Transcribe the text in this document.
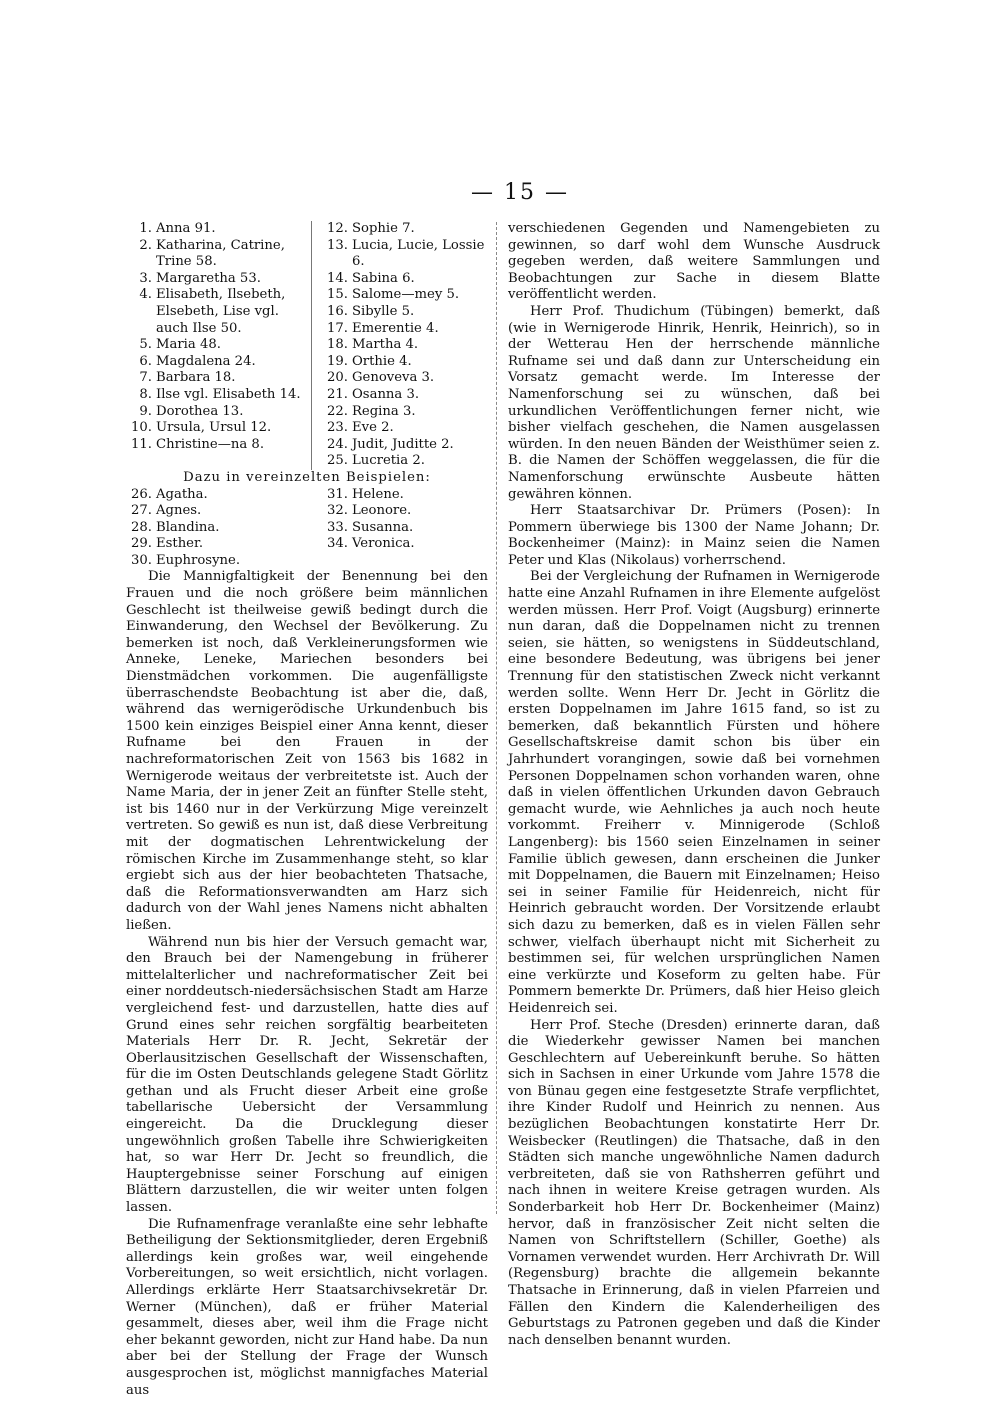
— 15 —
1. Anna 91.
2. Katharina, Catrine, Trine 58.
3. Margaretha 53.
4. Elisabeth, Ilsebeth, Elsebeth, Lise vgl. auch Ilse 50.
5. Maria 48.
6. Magdalena 24.
7. Barbara 18.
8. Ilse vgl. Elisabeth 14.
9. Dorothea 13.
10. Ursula, Ursul 12.
11. Christine—na 8.
12. Sophie 7.
13. Lucia, Lucie, Lossie 6.
14. Sabina 6.
15. Salome—mey 5.
16. Sibylle 5.
17. Emerentie 4.
18. Martha 4.
19. Orthie 4.
20. Genoveva 3.
21. Osanna 3.
22. Regina 3.
23. Eve 2.
24. Judit, Juditte 2.
25. Lucretia 2.
Dazu in vereinzelten Beispielen:
26. Agatha.
27. Agnes.
28. Blandina.
29. Esther.
30. Euphrosyne.
31. Helene.
32. Leonore.
33. Susanna.
34. Veronica.

Die Mannigfaltigkeit der Benennung bei den Frauen und die noch größere beim männlichen Geschlecht ist theilweise gewiß bedingt durch die Einwanderung, den Wechsel der Bevölkerung. Zu bemerken ist noch, daß Verkleinerungsformen wie Anneke, Leneke, Mariechen besonders bei Dienstmädchen vorkommen. Die augenfälligste überraschendste Beobachtung ist aber die, daß, während das wernigerödische Urkundenbuch bis 1500 kein einziges Beispiel einer Anna kennt, dieser Rufname bei den Frauen in der nachreformatorischen Zeit von 1563 bis 1682 in Wernigerode weitaus der verbreitetste ist. Auch der Name Maria, der in jener Zeit an fünfter Stelle steht, ist bis 1460 nur in der Verkürzung Mige vereinzelt vertreten. So gewiß es nun ist, daß diese Verbreitung mit der dogmatischen Lehrentwickelung der römischen Kirche im Zusammenhange steht, so klar ergiebt sich aus der hier beobachteten Thatsache, daß die Reformationsverwandten am Harz sich dadurch von der Wahl jenes Namens nicht abhalten ließen.

Während nun bis hier der Versuch gemacht war, den Brauch bei der Namengebung in früherer mittelalterlicher und nachreformatischer Zeit bei einer norddeutsch-niedersächsischen Stadt am Harze vergleichend fest- und darzustellen, hatte dies auf Grund eines sehr reichen sorgfältig bearbeiteten Materials Herr Dr. R. Jecht, Sekretär der Oberlausitzischen Gesellschaft der Wissenschaften, für die im Osten Deutschlands gelegene Stadt Görlitz gethan und als Frucht dieser Arbeit eine große tabellarische Uebersicht der Versammlung eingereicht. Da die Drucklegung dieser ungewöhnlich großen Tabelle ihre Schwierigkeiten hat, so war Herr Dr. Jecht so freundlich, die Hauptergebnisse seiner Forschung auf einigen Blättern darzustellen, die wir weiter unten folgen lassen.

Die Rufnamenfrage veranlaßte eine sehr lebhafte Betheiligung der Sektionsmitglieder, deren Ergebniß allerdings kein großes war, weil eingehende Vorbereitungen, so weit ersichtlich, nicht vorlagen. Allerdings erklärte Herr Staatsarchivsekretär Dr. Werner (München), daß er früher Material gesammelt, dieses aber, weil ihm die Frage nicht eher bekannt geworden, nicht zur Hand habe. Da nun aber bei der Stellung der Frage der Wunsch ausgesprochen ist, möglichst mannigfaches Material aus

verschiedenen Gegenden und Namengebieten zu gewinnen, so darf wohl dem Wunsche Ausdruck gegeben werden, daß weitere Sammlungen und Beobachtungen zur Sache in diesem Blatte veröffentlicht werden.

Herr Prof. Thudichum (Tübingen) bemerkt, daß (wie in Wernigerode Hinrik, Henrik, Heinrich), so in der Wetterau Hen der herrschende männliche Rufname sei und daß dann zur Unterscheidung ein Vorsatz gemacht werde. Im Interesse der Namenforschung sei zu wünschen, daß bei urkundlichen Veröffentlichungen ferner nicht, wie bisher vielfach geschehen, die Namen ausgelassen würden. In den neuen Bänden der Weisthümer seien z. B. die Namen der Schöffen weggelassen, die für die Namenforschung erwünschte Ausbeute hätten gewähren können.

Herr Staatsarchivar Dr. Prümers (Posen): In Pommern überwiege bis 1300 der Name Johann; Dr. Bockenheimer (Mainz): in Mainz seien die Namen Peter und Klas (Nikolaus) vorherrschend.

Bei der Vergleichung der Rufnamen in Wernigerode hatte eine Anzahl Rufnamen in ihre Elemente aufgelöst werden müssen. Herr Prof. Voigt (Augsburg) erinnerte nun daran, daß die Doppelnamen nicht zu trennen seien, sie hätten, so wenigstens in Süddeutschland, eine besondere Bedeutung, was übrigens bei jener Trennung für den statistischen Zweck nicht verkannt werden sollte. Wenn Herr Dr. Jecht in Görlitz die ersten Doppelnamen im Jahre 1615 fand, so ist zu bemerken, daß bekanntlich Fürsten und höhere Gesellschaftskreise damit schon bis über ein Jahrhundert vorangingen, sowie daß bei vornehmen Personen Doppelnamen schon vorhanden waren, ohne daß in vielen öffentlichen Urkunden davon Gebrauch gemacht wurde, wie Aehnliches ja auch noch heute vorkommt. Freiherr v. Minnigerode (Schloß Langenberg): bis 1560 seien Einzelnamen in seiner Familie üblich gewesen, dann erscheinen die Junker mit Doppelnamen, die Bauern mit Einzelnamen; Heiso sei in seiner Familie für Heidenreich, nicht für Heinrich gebraucht worden. Der Vorsitzende erlaubt sich dazu zu bemerken, daß es in vielen Fällen sehr schwer, vielfach überhaupt nicht mit Sicherheit zu bestimmen sei, für welchen ursprünglichen Namen eine verkürzte und Koseform zu gelten habe. Für Pommern bemerkte Dr. Prümers, daß hier Heiso gleich Heidenreich sei.

Herr Prof. Steche (Dresden) erinnerte daran, daß die Wiederkehr gewisser Namen bei manchen Geschlechtern auf Uebereinkunft beruhe. So hätten sich in Sachsen in einer Urkunde vom Jahre 1578 die von Bünau gegen eine festgesetzte Strafe verpflichtet, ihre Kinder Rudolf und Heinrich zu nennen. Aus bezüglichen Beobachtungen konstatirte Herr Dr. Weisbecker (Reutlingen) die Thatsache, daß in den Städten sich manche ungewöhnliche Namen dadurch verbreiteten, daß sie von Rathsherren geführt und nach ihnen in weitere Kreise getragen wurden. Als Sonderbarkeit hob Herr Dr. Bockenheimer (Mainz) hervor, daß in französischer Zeit nicht selten die Namen von Schriftstellern (Schiller, Goethe) als Vornamen verwendet wurden. Herr Archivrath Dr. Will (Regensburg) brachte die allgemein bekannte Thatsache in Erinnerung, daß in vielen Pfarreien und Fällen den Kindern die Kalenderheiligen des Geburtstags zu Patronen gegeben und daß die Kinder nach denselben benannt wurden.
